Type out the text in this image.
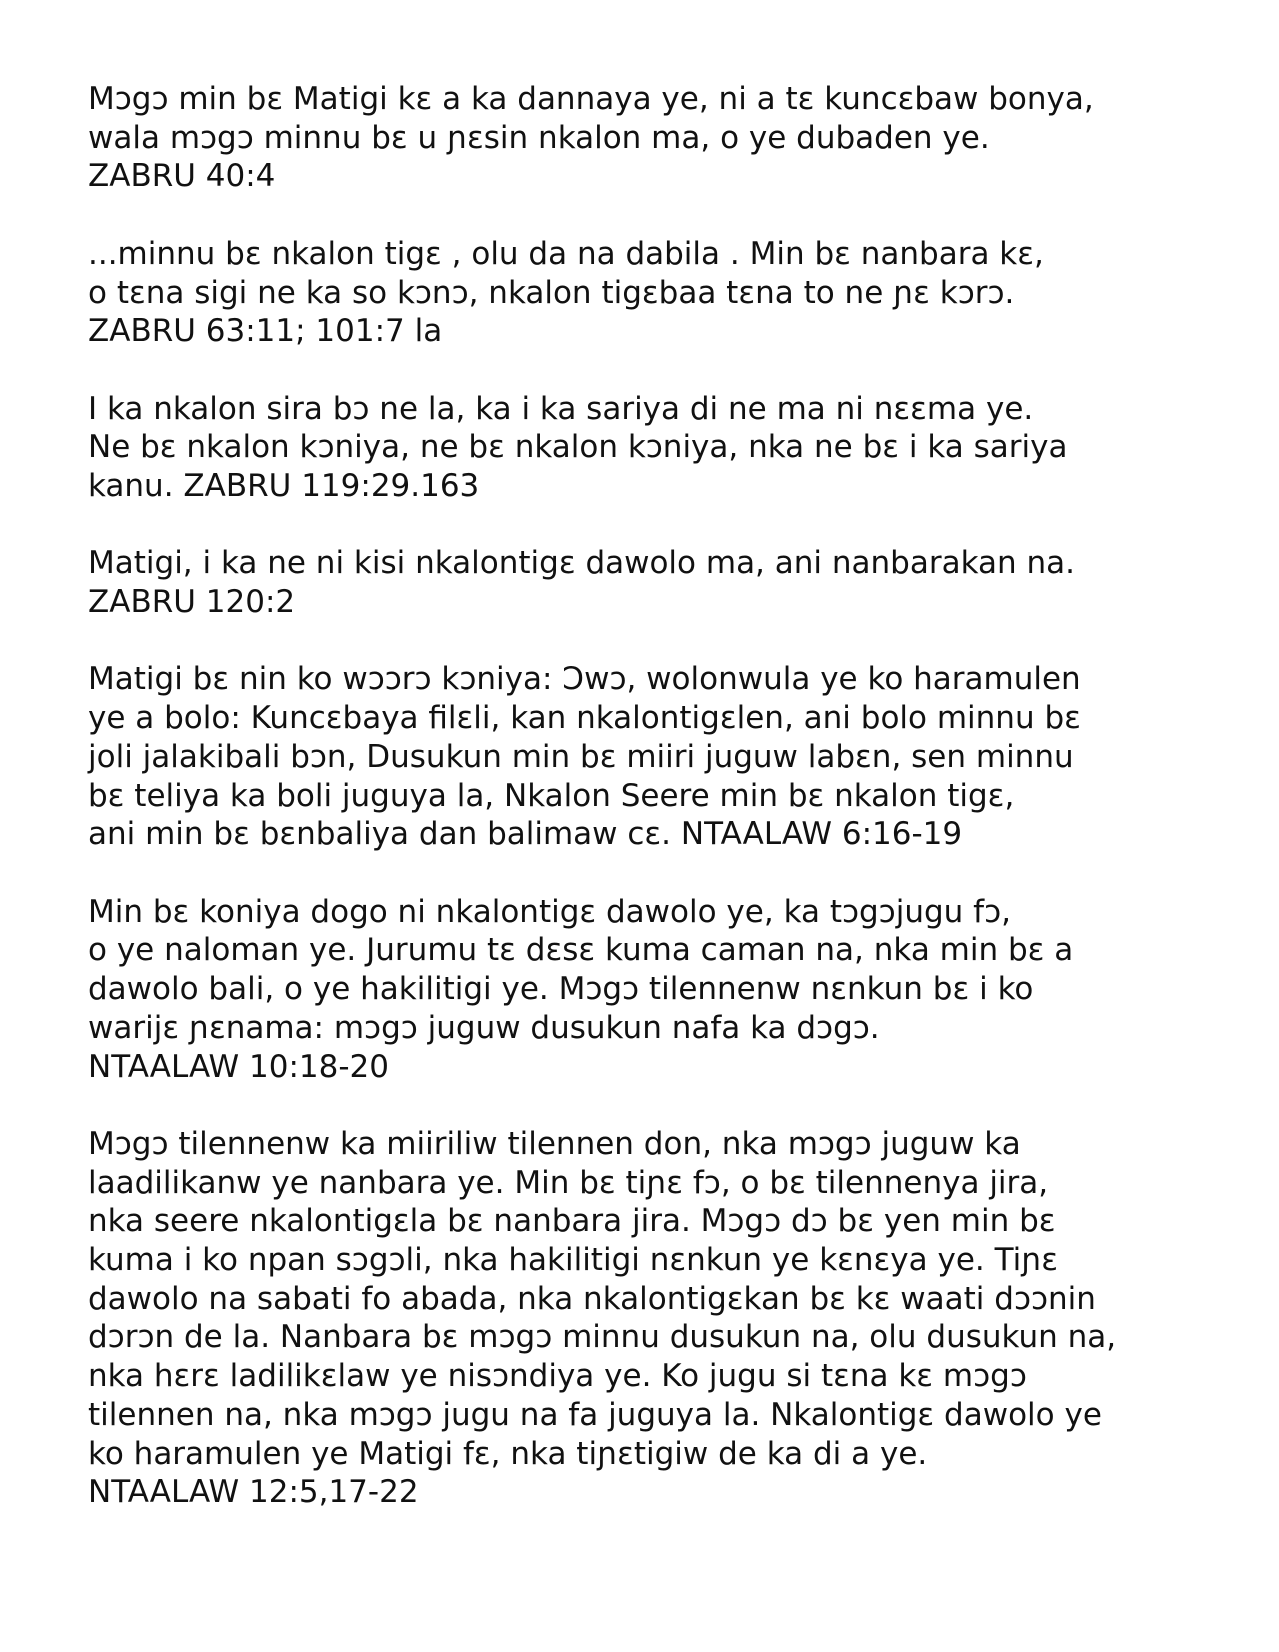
Mɔgɔ min bɛ Matigi kɛ a ka dannaya ye, ni a tɛ kuncɛbaw bonya,
wala mɔgɔ minnu bɛ u ɲɛsin nkalon ma, o ye dubaden ye.
ZABRU 40:4
...minnu bɛ nkalon tigɛ , olu da na dabila . Min bɛ nanbara kɛ,
o tɛna sigi ne ka so kɔnɔ, nkalon tigɛbaa tɛna to ne ɲɛ kɔrɔ.
ZABRU 63:11; 101:7 la
I ka nkalon sira bɔ ne la, ka i ka sariya di ne ma ni nɛɛma ye.
Ne bɛ nkalon kɔniya, ne bɛ nkalon kɔniya, nka ne bɛ i ka sariya
kanu. ZABRU 119:29.163
Matigi, i ka ne ni kisi nkalontigɛ dawolo ma, ani nanbarakan na.
ZABRU 120:2
Matigi bɛ nin ko wɔɔrɔ kɔniya: Ɔwɔ, wolonwula ye ko haramulen
ye a bolo: Kuncɛbaya filɛli, kan nkalontigɛlen, ani bolo minnu bɛ
joli jalakibali bɔn, Dusukun min bɛ miiri juguw labɛn, sen minnu
bɛ teliya ka boli juguya la, Nkalon Seere min bɛ nkalon tigɛ,
ani min bɛ bɛnbaliya dan balimaw cɛ. NTAALAW 6:16-19
Min bɛ koniya dogo ni nkalontigɛ dawolo ye, ka tɔgɔjugu fɔ,
o ye naloman ye. Jurumu tɛ dɛsɛ kuma caman na, nka min bɛ a
dawolo bali, o ye hakilitigi ye. Mɔgɔ tilennenw nɛnkun bɛ i ko
warijɛ ɲɛnama: mɔgɔ juguw dusukun nafa ka dɔgɔ.
NTAALAW 10:18-20
Mɔgɔ tilennenw ka miiriliw tilennen don, nka mɔgɔ juguw ka
laadilikanw ye nanbara ye. Min bɛ tiɲɛ fɔ, o bɛ tilennenya jira,
nka seere nkalontigɛla bɛ nanbara jira. Mɔgɔ dɔ bɛ yen min bɛ
kuma i ko npan sɔgɔli, nka hakilitigi nɛnkun ye kɛnɛya ye. Tiɲɛ
dawolo na sabati fo abada, nka nkalontigɛkan bɛ kɛ waati dɔɔnin
dɔrɔn de la. Nanbara bɛ mɔgɔ minnu dusukun na, olu dusukun na,
nka hɛrɛ ladilikɛlaw ye nisɔndiya ye. Ko jugu si tɛna kɛ mɔgɔ
tilennen na, nka mɔgɔ jugu na fa juguya la. Nkalontigɛ dawolo ye
ko haramulen ye Matigi fɛ, nka tiɲɛtigiw de ka di a ye.
NTAALAW 12:5,17-22
